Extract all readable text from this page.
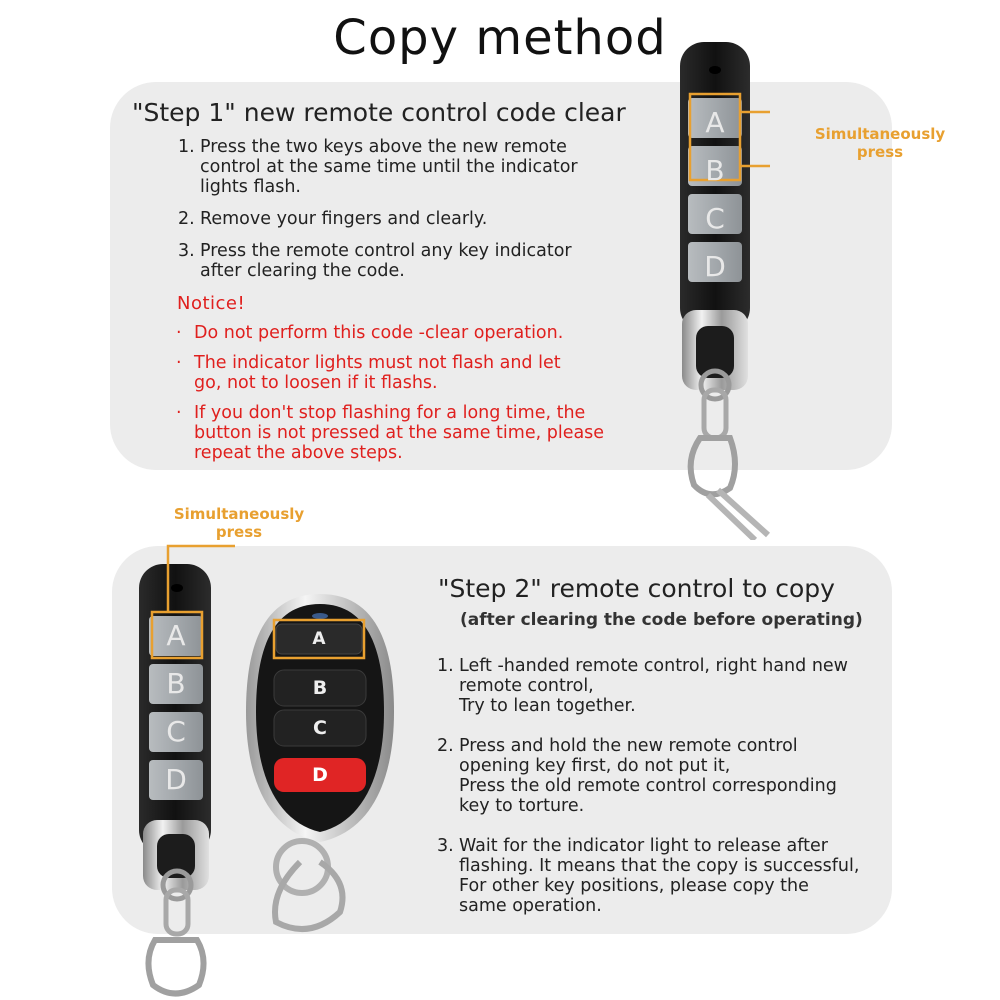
Copy method
"Step 1" new remote control code clear
1. Press the two keys above the new remote
control at the same time until the indicator
lights flash.
2. Remove your fingers and clearly.
3. Press the remote control any key indicator
after clearing the code.
Notice!
· Do not perform this code -clear operation.
· The indicator lights must not flash and let
go, not to loosen if it flashs.
· If you don't stop flashing for a long time, the
button is not pressed at the same time, please
repeat the above steps.
"Step 2" remote control to copy
(after clearing the code before operating)
1. Left -handed remote control, right hand new
remote control,
Try to lean together.
2. Press and hold the new remote control
opening key first, do not put it,
Press the old remote control corresponding
key to torture.
3. Wait for the indicator light to release after
flashing. It means that the copy is successful,
For other key positions, please copy the
same operation.
Simultaneously
press
Simultaneously
press
A
B
C
D
A
B
C
D
A
B
C
D
